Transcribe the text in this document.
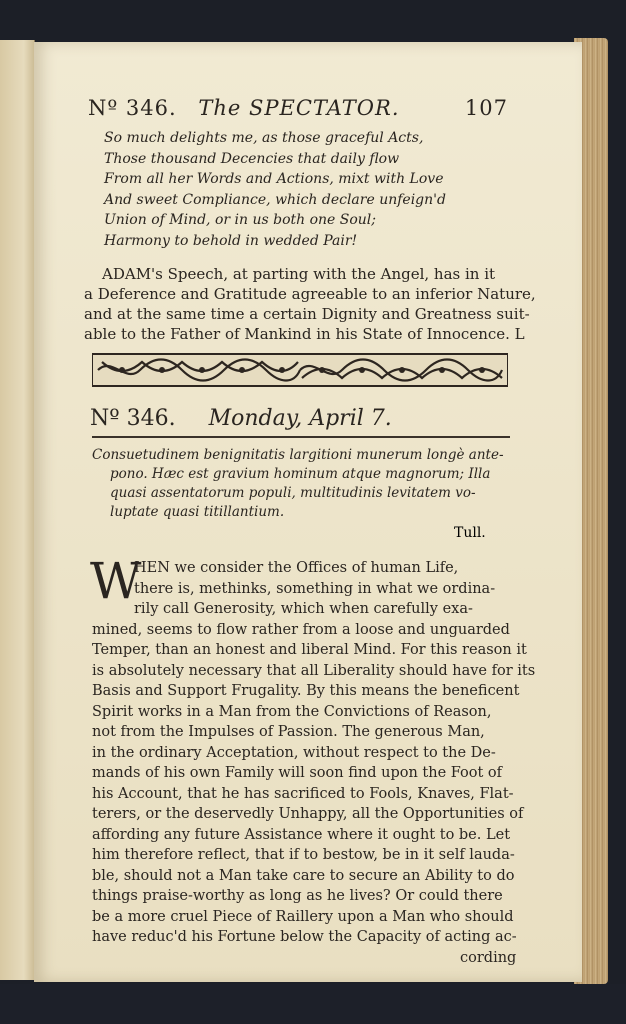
Nº 346. The SPECTATOR.	107
So much delights me, as those graceful Acts,
Those thousand Decencies that daily flow
From all her Words and Actions, mixt with Love
And sweet Compliance, which declare unfeign'd
Union of Mind, or in us both one Soul;
Harmony to behold in wedded Pair!
ADAM's Speech, at parting with the Angel, has in it
a Deference and Gratitude agreeable to an inferior Nature,
and at the same time a certain Dignity and Greatness suit-
able to the Father of Mankind in his State of Innocence. L
Nº 346. Monday, April 7.
Consuetudinem benignitatis largitioni munerum longè ante-
pono. Hæc est gravium hominum atque magnorum; Illa
quasi assentatorum populi, multitudinis levitatem vo-
luptate quasi titillantium.
Tull.
W
HEN we consider the Offices of human Life,
there is, methinks, something in what we ordina-
rily call Generosity, which when carefully exa-
mined, seems to flow rather from a loose and unguarded
Temper, than an honest and liberal Mind. For this reason it
is absolutely necessary that all Liberality should have for its
Basis and Support Frugality. By this means the beneficent
Spirit works in a Man from the Convictions of Reason,
not from the Impulses of Passion. The generous Man,
in the ordinary Acceptation, without respect to the De-
mands of his own Family will soon find upon the Foot of
his Account, that he has sacrificed to Fools, Knaves, Flat-
terers, or the deservedly Unhappy, all the Opportunities of
affording any future Assistance where it ought to be. Let
him therefore reflect, that if to bestow, be in it self lauda-
ble, should not a Man take care to secure an Ability to do
things praise-worthy as long as he lives? Or could there
be a more cruel Piece of Raillery upon a Man who should
have reduc'd his Fortune below the Capacity of acting ac-
cording
